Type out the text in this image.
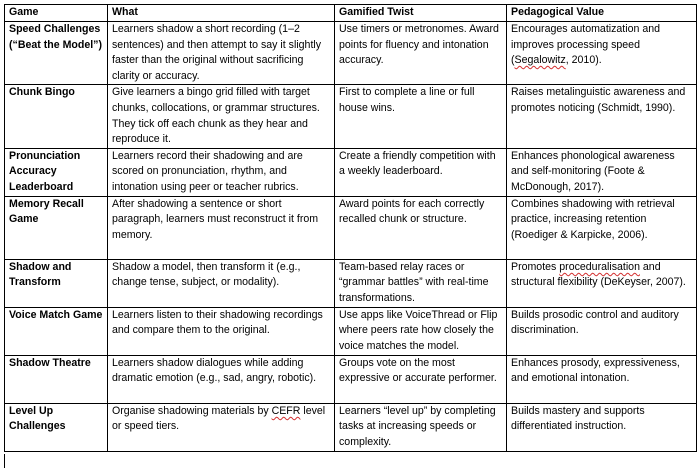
Game	What	Gamified Twist	Pedagogical Value
Speed Challenges (“Beat the Model”)	Learners shadow a short recording (1–2 sentences) and then attempt to say it slightly faster than the original without sacrificing clarity or accuracy.	Use timers or metronomes. Award points for fluency and intonation accuracy.	Encourages automatization and improves processing speed (Segalowitz, 2010).
Chunk Bingo	Give learners a bingo grid filled with target chunks, collocations, or grammar structures. They tick off each chunk as they hear and reproduce it.	First to complete a line or full house wins.	Raises metalinguistic awareness and promotes noticing (Schmidt, 1990).
Pronunciation Accuracy Leaderboard	Learners record their shadowing and are scored on pronunciation, rhythm, and intonation using peer or teacher rubrics.	Create a friendly competition with a weekly leaderboard.	Enhances phonological awareness and self-monitoring (Foote & McDonough, 2017).
Memory Recall Game	After shadowing a sentence or short paragraph, learners must reconstruct it from memory.	Award points for each correctly recalled chunk or structure.	Combines shadowing with retrieval practice, increasing retention (Roediger & Karpicke, 2006).
Shadow and Transform	Shadow a model, then transform it (e.g., change tense, subject, or modality).	Team-based relay races or “grammar battles” with real-time transformations.	Promotes proceduralisation and structural flexibility (DeKeyser, 2007).
Voice Match Game	Learners listen to their shadowing recordings and compare them to the original.	Use apps like VoiceThread or Flip where peers rate how closely the voice matches the model.	Builds prosodic control and auditory discrimination.
Shadow Theatre	Learners shadow dialogues while adding dramatic emotion (e.g., sad, angry, robotic).	Groups vote on the most expressive or accurate performer.	Enhances prosody, expressiveness, and emotional intonation.
Level Up Challenges	Organise shadowing materials by CEFR level or speed tiers.	Learners “level up” by completing tasks at increasing speeds or complexity.	Builds mastery and supports differentiated instruction.
